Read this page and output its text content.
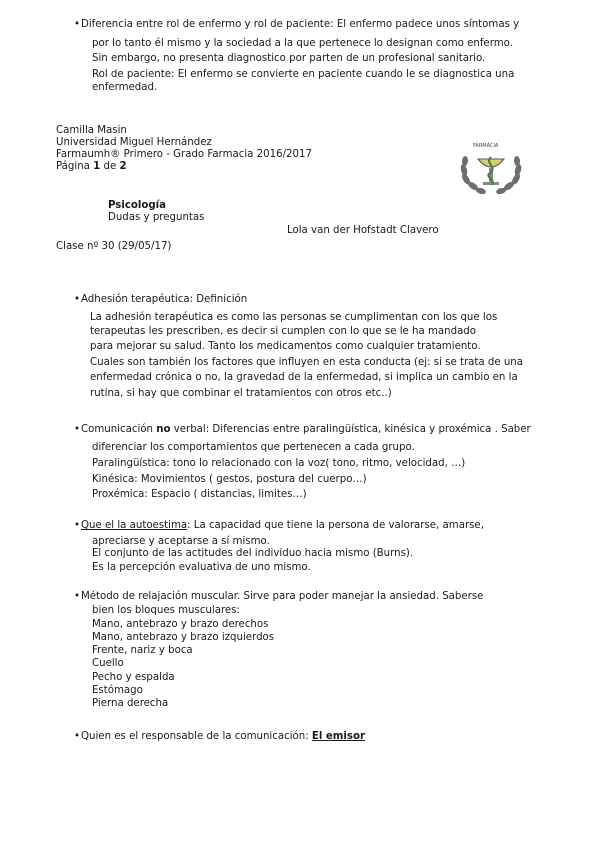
• Diferencia entre rol de enfermo y rol de paciente: El enfermo padece unos síntomas y
por lo tanto él mismo y la sociedad a la que pertenece lo designan como enfermo.
Sin embargo, no presenta diagnostico por parten de un profesional sanitario.
Rol de paciente: El enfermo se convierte en paciente cuando le se diagnostica una
enfermedad.
Camilla Masin
Universidad Miguel Hernández
Farmaumh® Primero - Grado Farmacia 2016/2017
Página 1 de 2
FARMÀCIA
Psicología
Dudas y preguntas
Lola van der Hofstadt Clavero
Clase nº 30 (29/05/17)
• Adhesión terapéutica: Definición
La adhesión terapéutica es como las personas se cumplimentan con los que los
terapeutas les prescriben, es decir si cumplen con lo que se le ha mandado
para mejorar su salud. Tanto los medicamentos como cualquier tratamiento.
Cuales son también los factores que influyen en esta conducta (ej: si se trata de una
enfermedad crónica o no, la gravedad de la enfermedad, si implica un cambio en la
rutina, si hay que combinar el tratamientos con otros etc..)
• Comunicación no verbal: Diferencias entre paralingüística, kinésica y proxémica . Saber
diferenciar los comportamientos que pertenecen a cada grupo.
Paralingüística: tono lo relacionado con la voz( tono, ritmo, velocidad, …)
Kinésica: Movimientos ( gestos, postura del cuerpo…)
Proxémica: Espacio ( distancias, limites…)
• Que el la autoestima: La capacidad que tiene la persona de valorarse, amarse,
apreciarse y aceptarse a sí mismo.
El conjunto de las actitudes del individuo hacia mismo (Burns).
Es la percepción evaluativa de uno mismo.
• Método de relajación muscular. Sirve para poder manejar la ansiedad. Saberse
bien los bloques musculares:
Mano, antebrazo y brazo derechos
Mano, antebrazo y brazo izquierdos
Frente, nariz y boca
Cuello
Pecho y espalda
Estómago
Pierna derecha
• Quien es el responsable de la comunicación: El emisor
